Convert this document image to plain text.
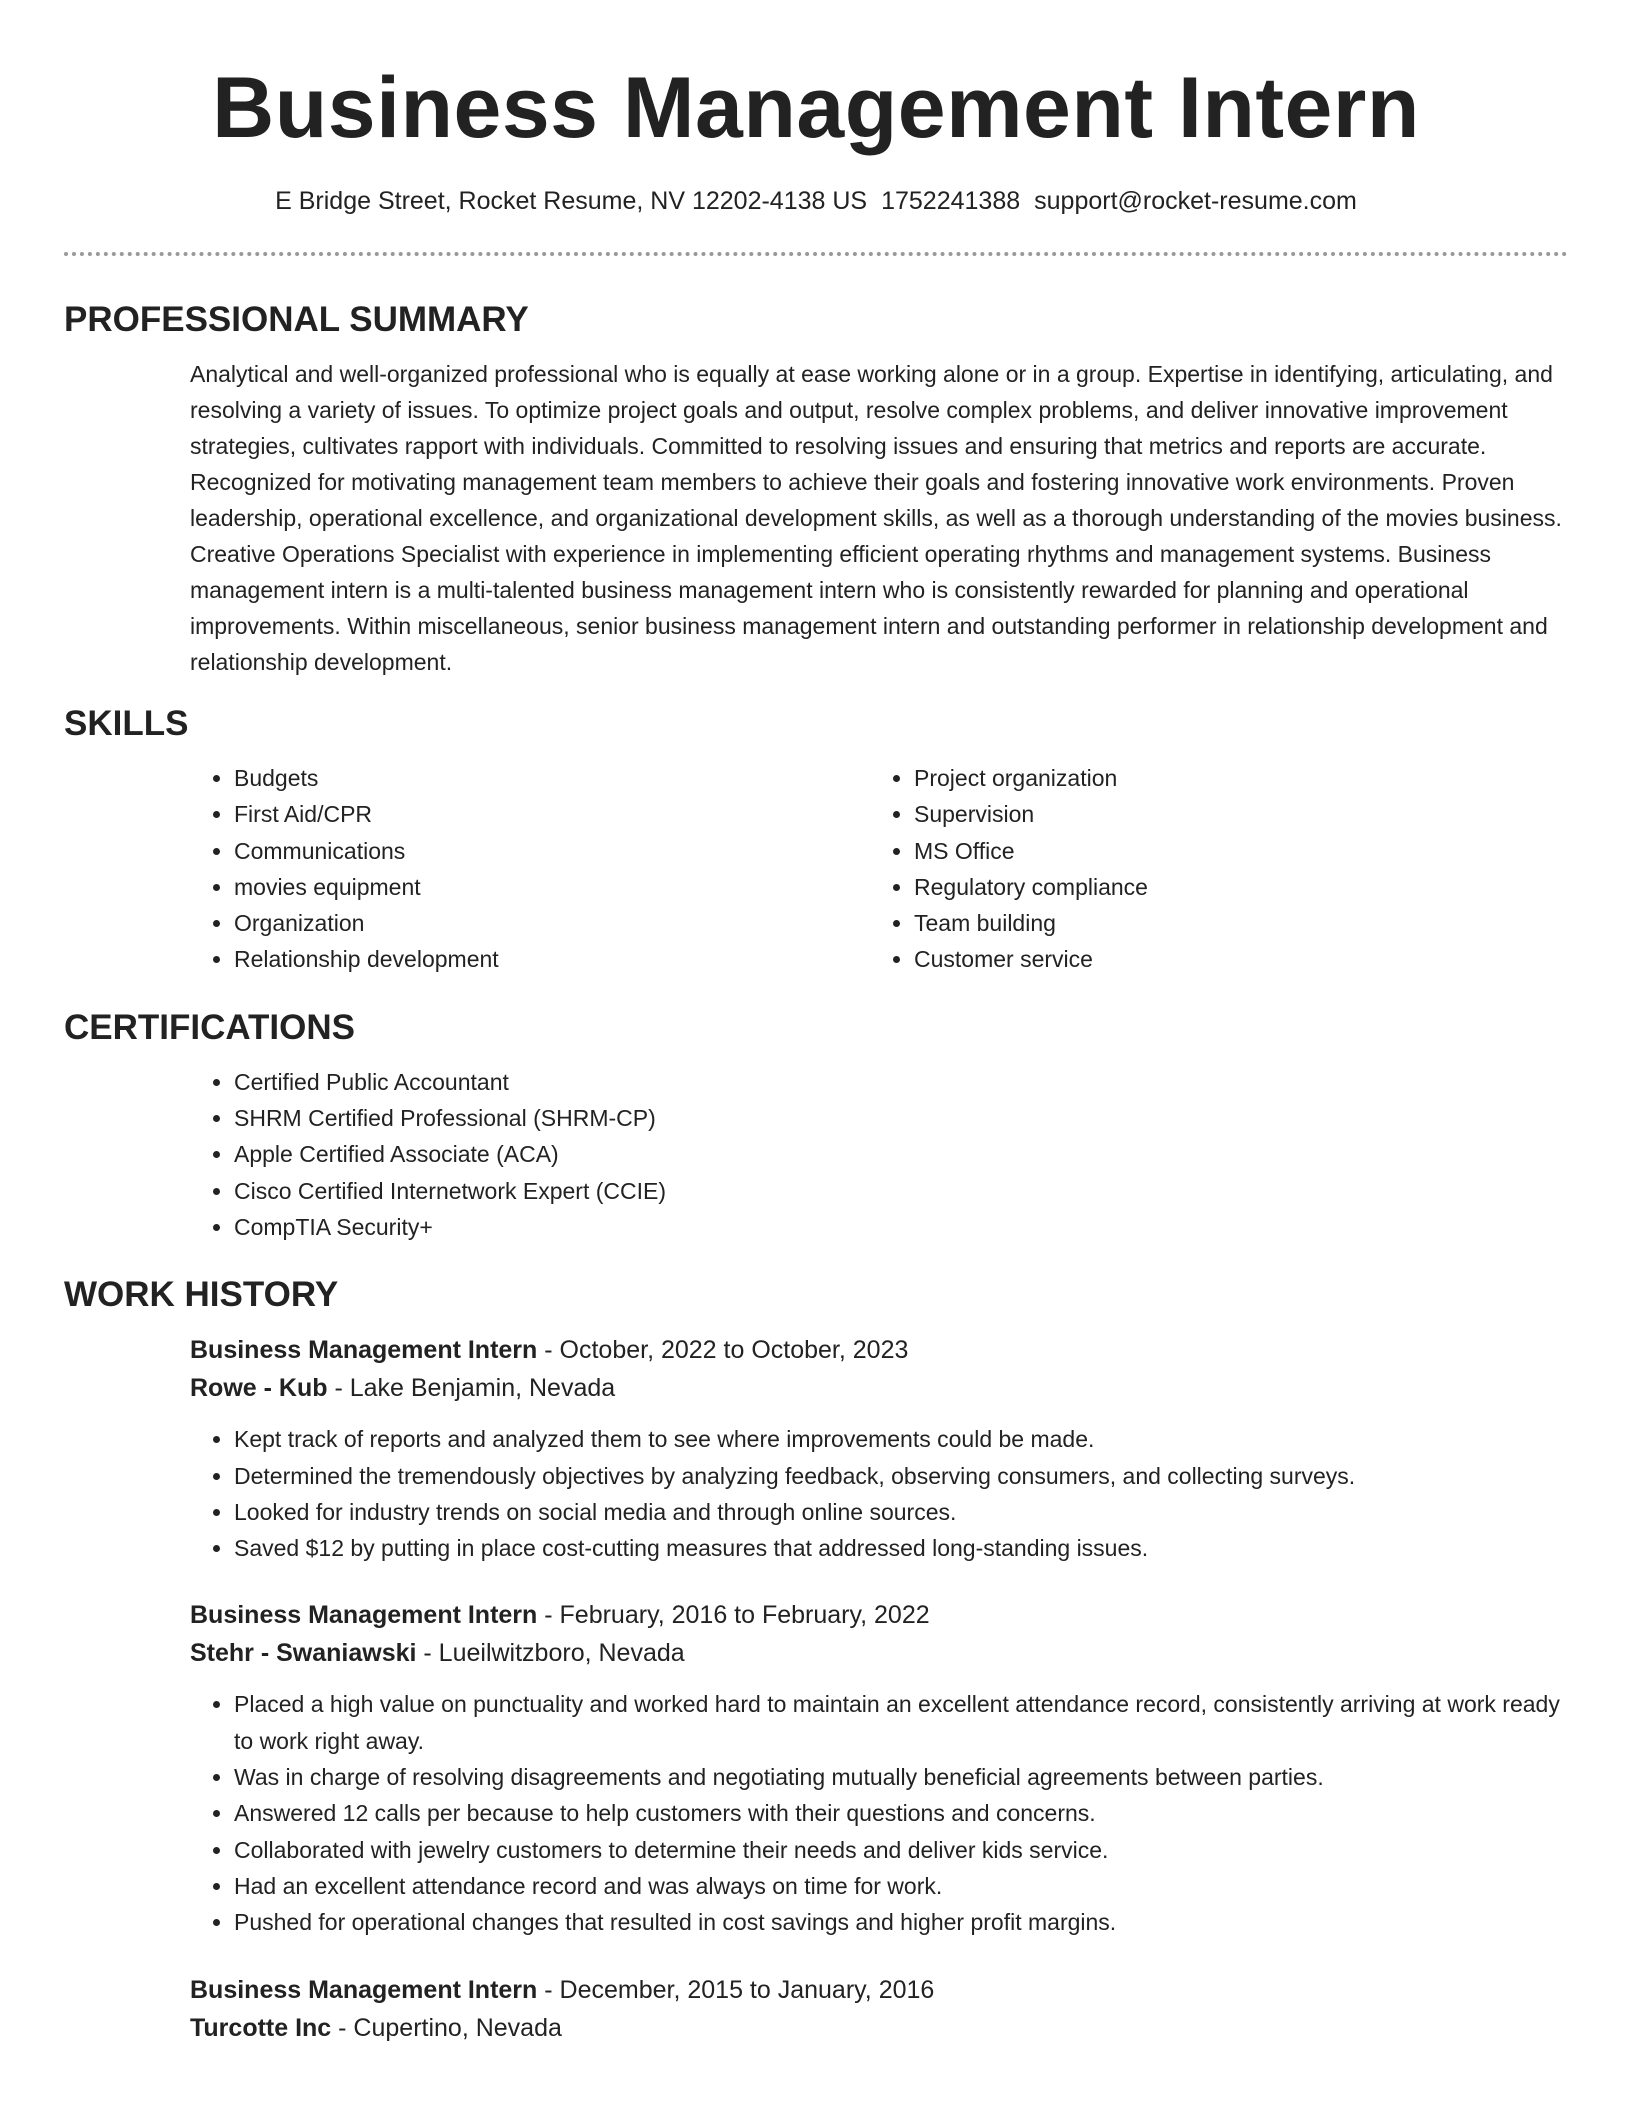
Business Management Intern
E Bridge Street, Rocket Resume, NV 12202-4138 US 1752241388 support@rocket-resume.com
PROFESSIONAL SUMMARY

Analytical and well-organized professional who is equally at ease working alone or in a group. Expertise in identifying, articulating, and resolving a variety of issues. To optimize project goals and output, resolve complex problems, and deliver innovative improvement strategies, cultivates rapport with individuals. Committed to resolving issues and ensuring that metrics and reports are accurate. Recognized for motivating management team members to achieve their goals and fostering innovative work environments. Proven leadership, operational excellence, and organizational development skills, as well as a thorough understanding of the movies business. Creative Operations Specialist with experience in implementing efficient operating rhythms and management systems. Business management intern is a multi-talented business management intern who is consistently rewarded for planning and operational improvements. Within miscellaneous, senior business management intern and outstanding performer in relationship development and relationship development.

SKILLS
• Budgets
• First Aid/CPR
• Communications
• movies equipment
• Organization
• Relationship development
• Project organization
• Supervision
• MS Office
• Regulatory compliance
• Team building
• Customer service
CERTIFICATIONS
• Certified Public Accountant
• SHRM Certified Professional (SHRM-CP)
• Apple Certified Associate (ACA)
• Cisco Certified Internetwork Expert (CCIE)
• CompTIA Security+
WORK HISTORY
Business Management Intern - October, 2022 to October, 2023
Rowe - Kub - Lake Benjamin, Nevada
• Kept track of reports and analyzed them to see where improvements could be made.
• Determined the tremendously objectives by analyzing feedback, observing consumers, and collecting surveys.
• Looked for industry trends on social media and through online sources.
• Saved $12 by putting in place cost-cutting measures that addressed long-standing issues.
Business Management Intern - February, 2016 to February, 2022
Stehr - Swaniawski - Lueilwitzboro, Nevada
• Placed a high value on punctuality and worked hard to maintain an excellent attendance record, consistently arriving at work ready to work right away.
• Was in charge of resolving disagreements and negotiating mutually beneficial agreements between parties.
• Answered 12 calls per because to help customers with their questions and concerns.
• Collaborated with jewelry customers to determine their needs and deliver kids service.
• Had an excellent attendance record and was always on time for work.
• Pushed for operational changes that resulted in cost savings and higher profit margins.
Business Management Intern - December, 2015 to January, 2016
Turcotte Inc - Cupertino, Nevada
